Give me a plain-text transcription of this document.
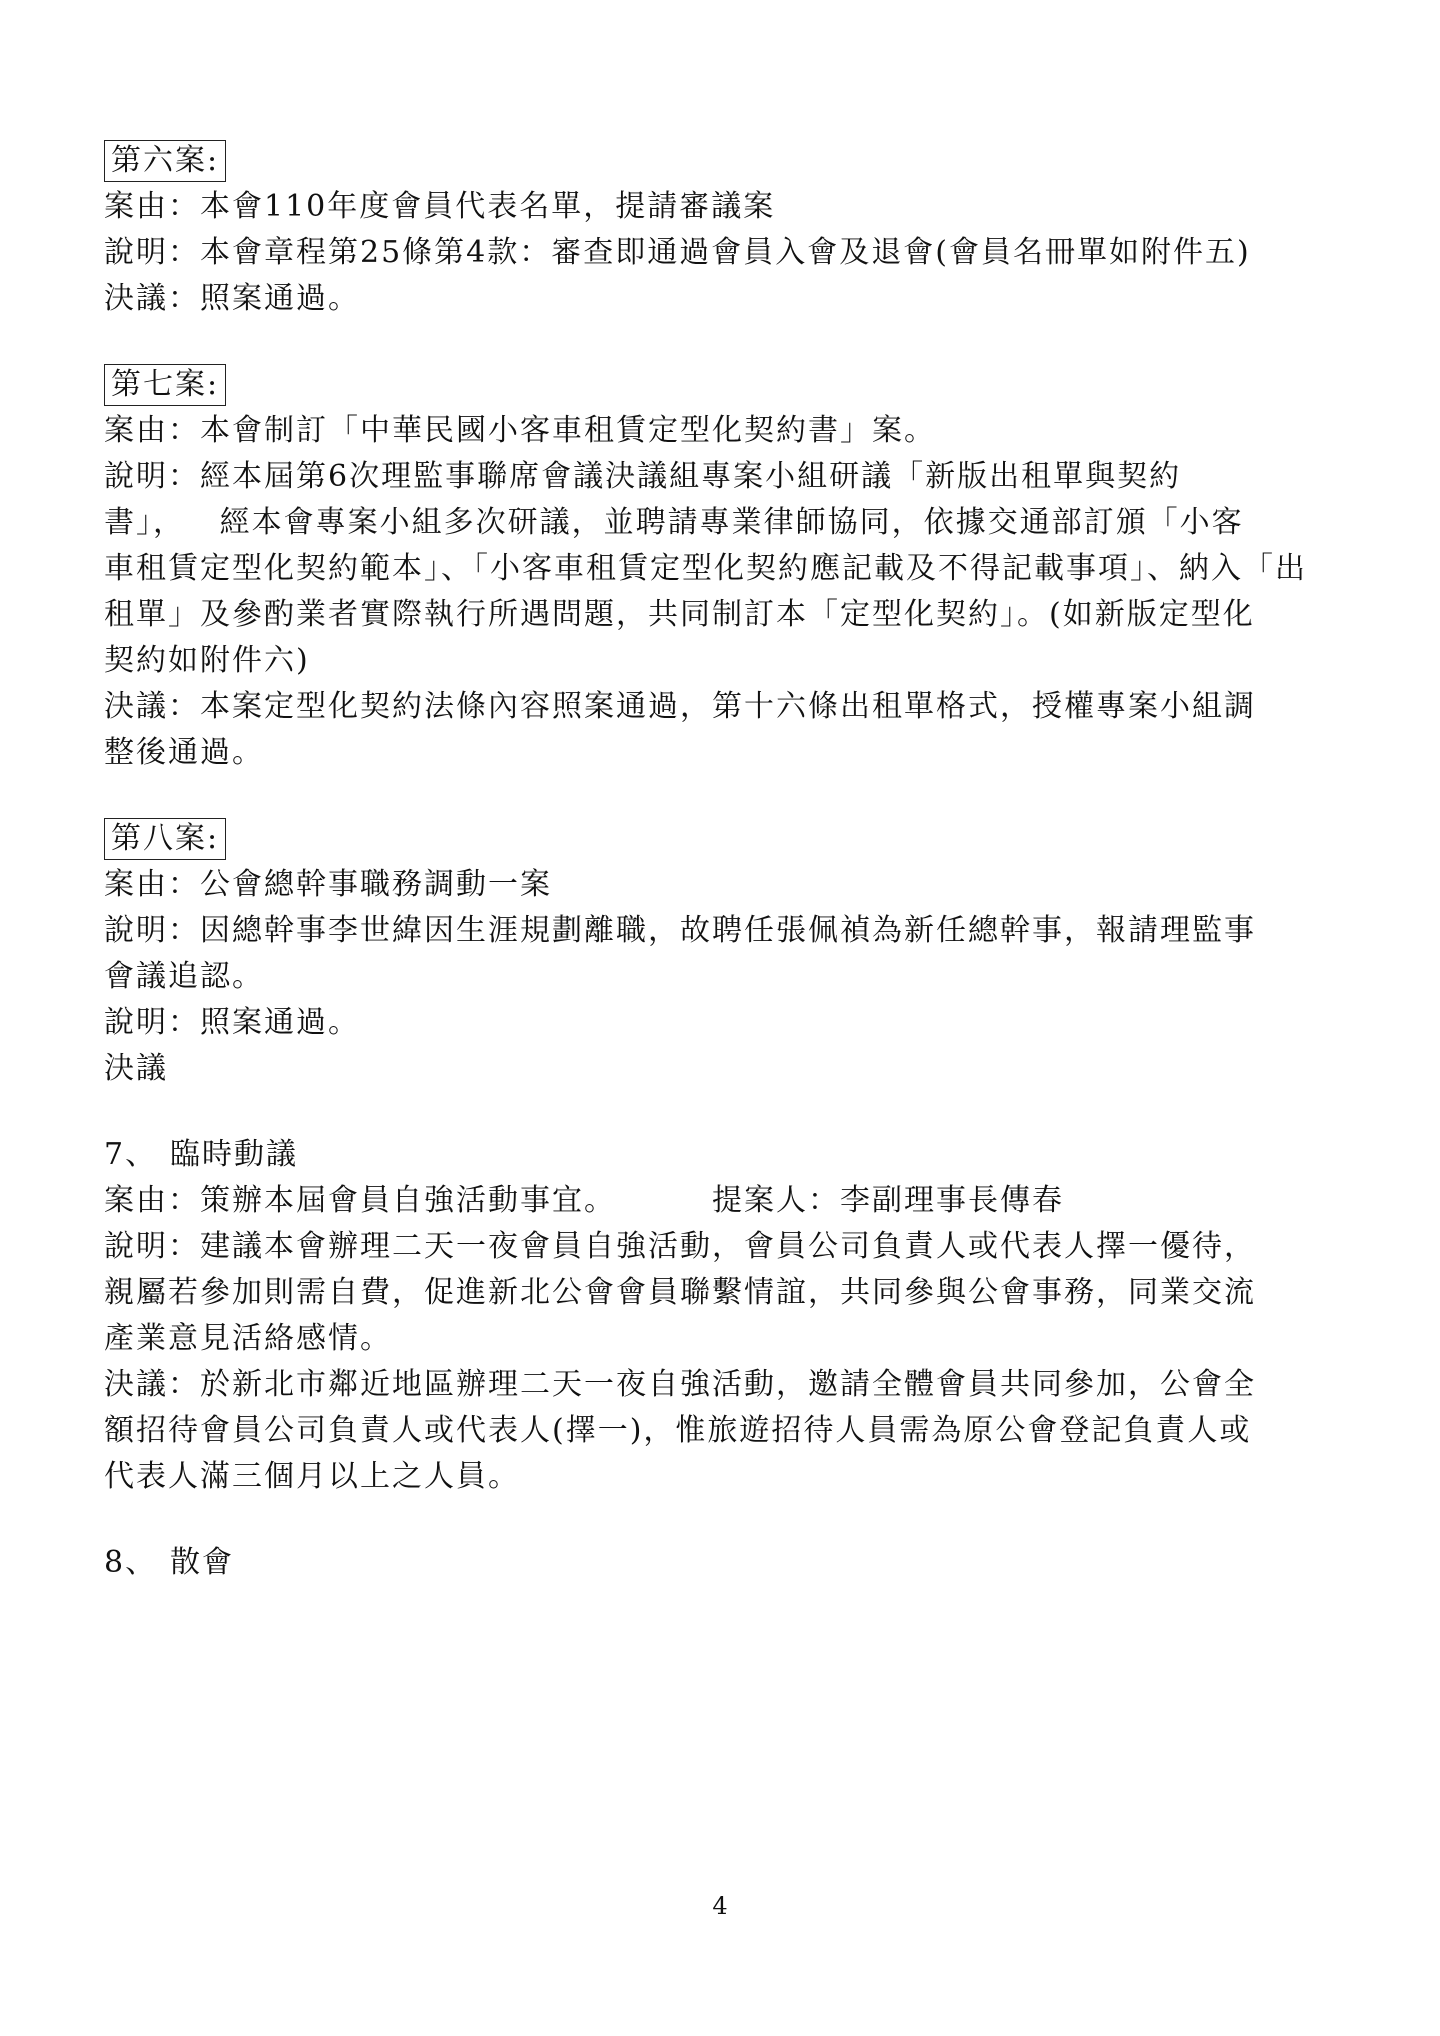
第六案:
案由：本會110年度會員代表名單，提請審議案
說明：本會章程第25條第4款：審查即通過會員入會及退會(會員名冊單如附件五)
決議：照案通過。
第七案:
案由：本會制訂「中華民國小客車租賃定型化契約書」案。
說明：經本屆第6次理監事聯席會議決議組專案小組研議「新版出租單與契約
書」，   經本會專案小組多次研議，並聘請專業律師協同，依據交通部訂頒「小客
車租賃定型化契約範本」、「小客車租賃定型化契約應記載及不得記載事項」、納入「出
租單」及參酌業者實際執行所遇問題，共同制訂本「定型化契約」。(如新版定型化
契約如附件六)
決議：本案定型化契約法條內容照案通過，第十六條出租單格式，授權專案小組調
整後通過。
第八案:
案由：公會總幹事職務調動一案
說明：因總幹事李世緯因生涯規劃離職，故聘任張佩禎為新任總幹事，報請理監事
會議追認。
說明：照案通過。
決議
7、 臨時動議
案由：策辦本屆會員自強活動事宜。	提案人：李副理事長傳春
說明：建議本會辦理二天一夜會員自強活動，會員公司負責人或代表人擇一優待，
親屬若參加則需自費，促進新北公會會員聯繫情誼，共同參與公會事務，同業交流
產業意見活絡感情。
決議：於新北市鄰近地區辦理二天一夜自強活動，邀請全體會員共同參加，公會全
額招待會員公司負責人或代表人(擇一)，惟旅遊招待人員需為原公會登記負責人或
代表人滿三個月以上之人員。
8、 散會
4
